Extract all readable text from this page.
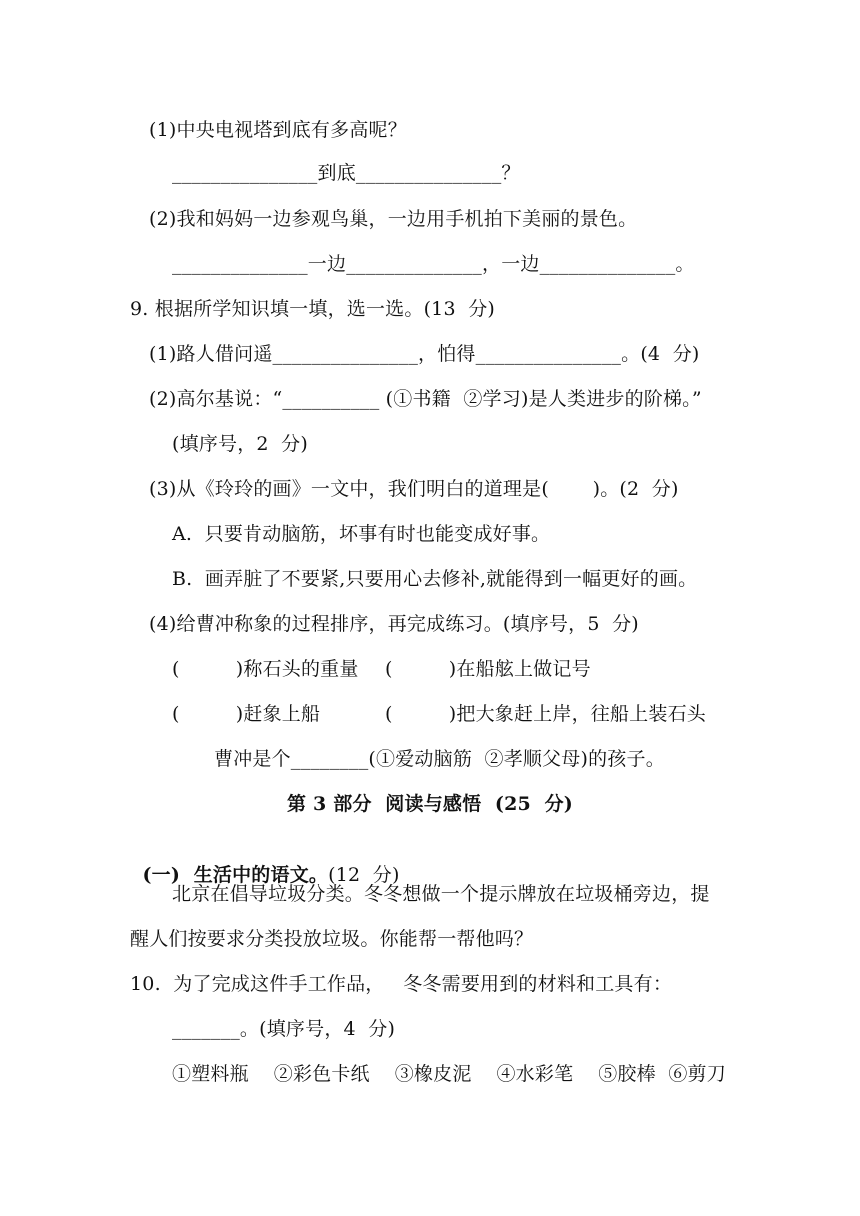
(1)中央电视塔到底有多高呢？
_______________到底_______________？
(2)我和妈妈一边参观鸟巢，一边用手机拍下美丽的景色。
______________一边______________，一边______________。
9. 根据所学知识填一填，选一选。(13  分)
(1)路人借问遥_______________，怕得_______________。(4  分)
(2)高尔基说：“__________ (①书籍  ②学习)是人类进步的阶梯。”
(填序号，2  分)
(3)从《玲玲的画》一文中，我们明白的道理是(       )。(2  分)
A.  只要肯动脑筋，坏事有时也能变成好事。
B.  画弄脏了不要紧,只要用心去修补,就能得到一幅更好的画。
(4)给曹冲称象的过程排序，再完成练习。(填序号，5  分)
(         )称石头的重量 (         )在船舷上做记号
(         )赶象上船	(         )把大象赶上岸，往船上装石头
曹冲是个________(①爱动脑筋  ②孝顺父母)的孩子。
第 3 部分  阅读与感悟  (25  分)

(一)  生活中的语文。(12  分)

北京在倡导垃圾分类。冬冬想做一个提示牌放在垃圾桶旁边，提
醒人们按要求分类投放垃圾。你能帮一帮他吗？
10.  为了完成这件手工作品，   冬冬需要用到的材料和工具有：
_______。(填序号，4  分)
①塑料瓶    ②彩色卡纸    ③橡皮泥    ④水彩笔    ⑤胶棒  ⑥剪刀
